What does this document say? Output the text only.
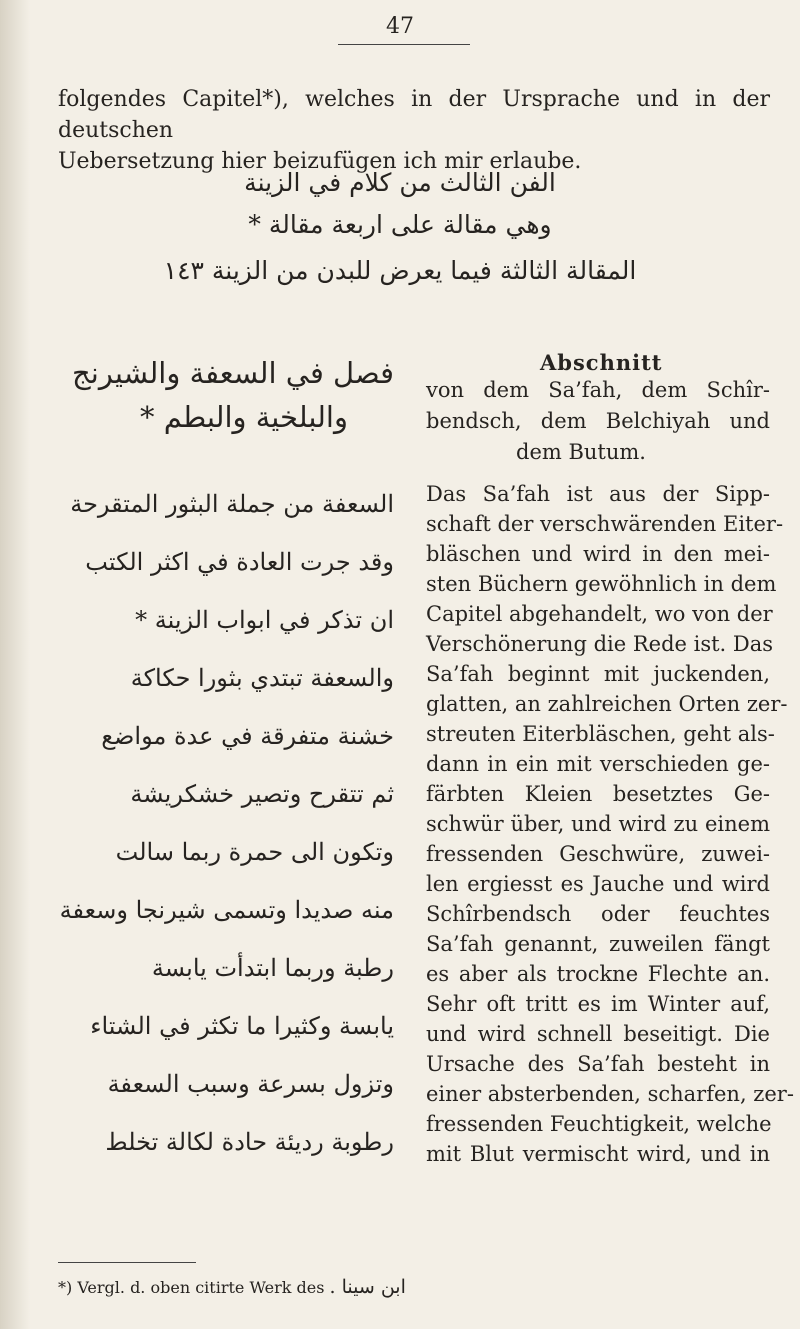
47

folgendes Capitel*), welches in der Ursprache und in der deutschen
Uebersetzung hier beizufügen ich mir erlaube.

الفن الثالث من كلام في الزينة
وهي مقالة على اربعة مقالة *
المقالة الثالثة فيما يعرض للبدن من الزينة ١٤٣
فصل في السعفة والشيرنج
والبلخية والبطم *
Abschnitt
von dem Sa’fah, dem Schîr-
bendsch, dem Belchiyah und
dem Butum.
السعفة من جملة البثور المتقرحة
وقد جرت العادة في اكثر الكتب
ان تذكر في ابواب الزينة *
والسعفة تبتدي بثورا حكاكة
خشنة متفرقة في عدة مواضع
ثم تتقرح وتصير خشكريشة
وتكون الى حمرة ربما سالت
منه صديدا وتسمى شيرنجا وسعفة
رطبة وربما ابتدأت يابسة
يابسة وكثيرا ما تكثر في الشتاء
وتزول بسرعة وسبب السعفة
رطوبة رديئة حادة لكالة تخلط
Das Sa’fah ist aus der Sipp-
schaft der verschwärenden Eiter-
bläschen und wird in den mei-
sten Büchern gewöhnlich in dem
Capitel abgehandelt, wo von der
Verschönerung die Rede ist. Das
Sa’fah beginnt mit juckenden,
glatten, an zahlreichen Orten zer-
streuten Eiterbläschen, geht als-
dann in ein mit verschieden ge-
färbten Kleien besetztes Ge-
schwür über, und wird zu einem
fressenden Geschwüre, zuwei-
len ergiesst es Jauche und wird
Schîrbendsch oder feuchtes
Sa’fah genannt, zuweilen fängt
es aber als trockne Flechte an.
Sehr oft tritt es im Winter auf,
und wird schnell beseitigt. Die
Ursache des Sa’fah besteht in
einer absterbenden, scharfen, zer-
fressenden Feuchtigkeit, welche
mit Blut vermischt wird, und in
*) Vergl. d. oben citirte Werk des ابن سينا .
